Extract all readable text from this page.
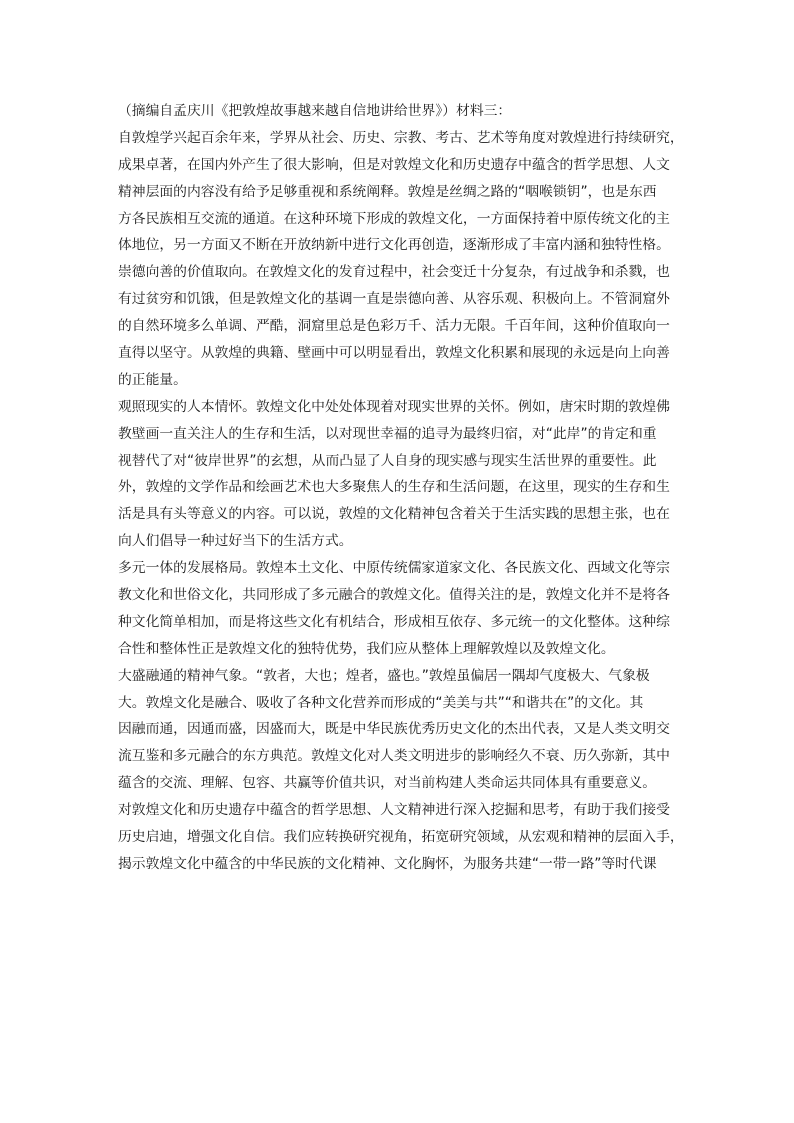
（摘编自孟庆川《把敦煌故事越来越自信地讲给世界》）材料三：
自敦煌学兴起百余年来，学界从社会、历史、宗教、考古、艺术等角度对敦煌进行持续研究，
成果卓著，在国内外产生了很大影响，但是对敦煌文化和历史遗存中蕴含的哲学思想、人文
精神层面的内容没有给予足够重视和系统阐释。敦煌是丝绸之路的“咽喉锁钥”，也是东西
方各民族相互交流的通道。在这种环境下形成的敦煌文化，一方面保持着中原传统文化的主
体地位，另一方面又不断在开放纳新中进行文化再创造，逐渐形成了丰富内涵和独特性格。
崇德向善的价值取向。在敦煌文化的发育过程中，社会变迁十分复杂，有过战争和杀戮，也
有过贫穷和饥饿，但是敦煌文化的基调一直是崇德向善、从容乐观、积极向上。不管洞窟外
的自然环境多么单调、严酷，洞窟里总是色彩万千、活力无限。千百年间，这种价值取向一
直得以坚守。从敦煌的典籍、壁画中可以明显看出，敦煌文化积累和展现的永远是向上向善
的正能量。
观照现实的人本情怀。敦煌文化中处处体现着对现实世界的关怀。例如，唐宋时期的敦煌佛
教壁画一直关注人的生存和生活，以对现世幸福的追寻为最终归宿，对“此岸”的肯定和重
视替代了对“彼岸世界”的玄想，从而凸显了人自身的现实感与现实生活世界的重要性。此
外，敦煌的文学作品和绘画艺术也大多聚焦人的生存和生活问题，在这里，现实的生存和生
活是具有头等意义的内容。可以说，敦煌的文化精神包含着关于生活实践的思想主张，也在
向人们倡导一种过好当下的生活方式。
多元一体的发展格局。敦煌本土文化、中原传统儒家道家文化、各民族文化、西域文化等宗
教文化和世俗文化，共同形成了多元融合的敦煌文化。值得关注的是，敦煌文化并不是将各
种文化简单相加，而是将这些文化有机结合，形成相互依存、多元统一的文化整体。这种综
合性和整体性正是敦煌文化的独特优势，我们应从整体上理解敦煌以及敦煌文化。
大盛融通的精神气象。“敦者，大也；煌者，盛也。”敦煌虽偏居一隅却气度极大、气象极
大。敦煌文化是融合、吸收了各种文化营养而形成的“美美与共”“和谐共在”的文化。其
因融而通，因通而盛，因盛而大，既是中华民族优秀历史文化的杰出代表，又是人类文明交
流互鉴和多元融合的东方典范。敦煌文化对人类文明进步的影响经久不衰、历久弥新，其中
蕴含的交流、理解、包容、共赢等价值共识，对当前构建人类命运共同体具有重要意义。
对敦煌文化和历史遗存中蕴含的哲学思想、人文精神进行深入挖掘和思考，有助于我们接受
历史启迪，增强文化自信。我们应转换研究视角，拓宽研究领域，从宏观和精神的层面入手，
揭示敦煌文化中蕴含的中华民族的文化精神、文化胸怀，为服务共建“一带一路”等时代课
